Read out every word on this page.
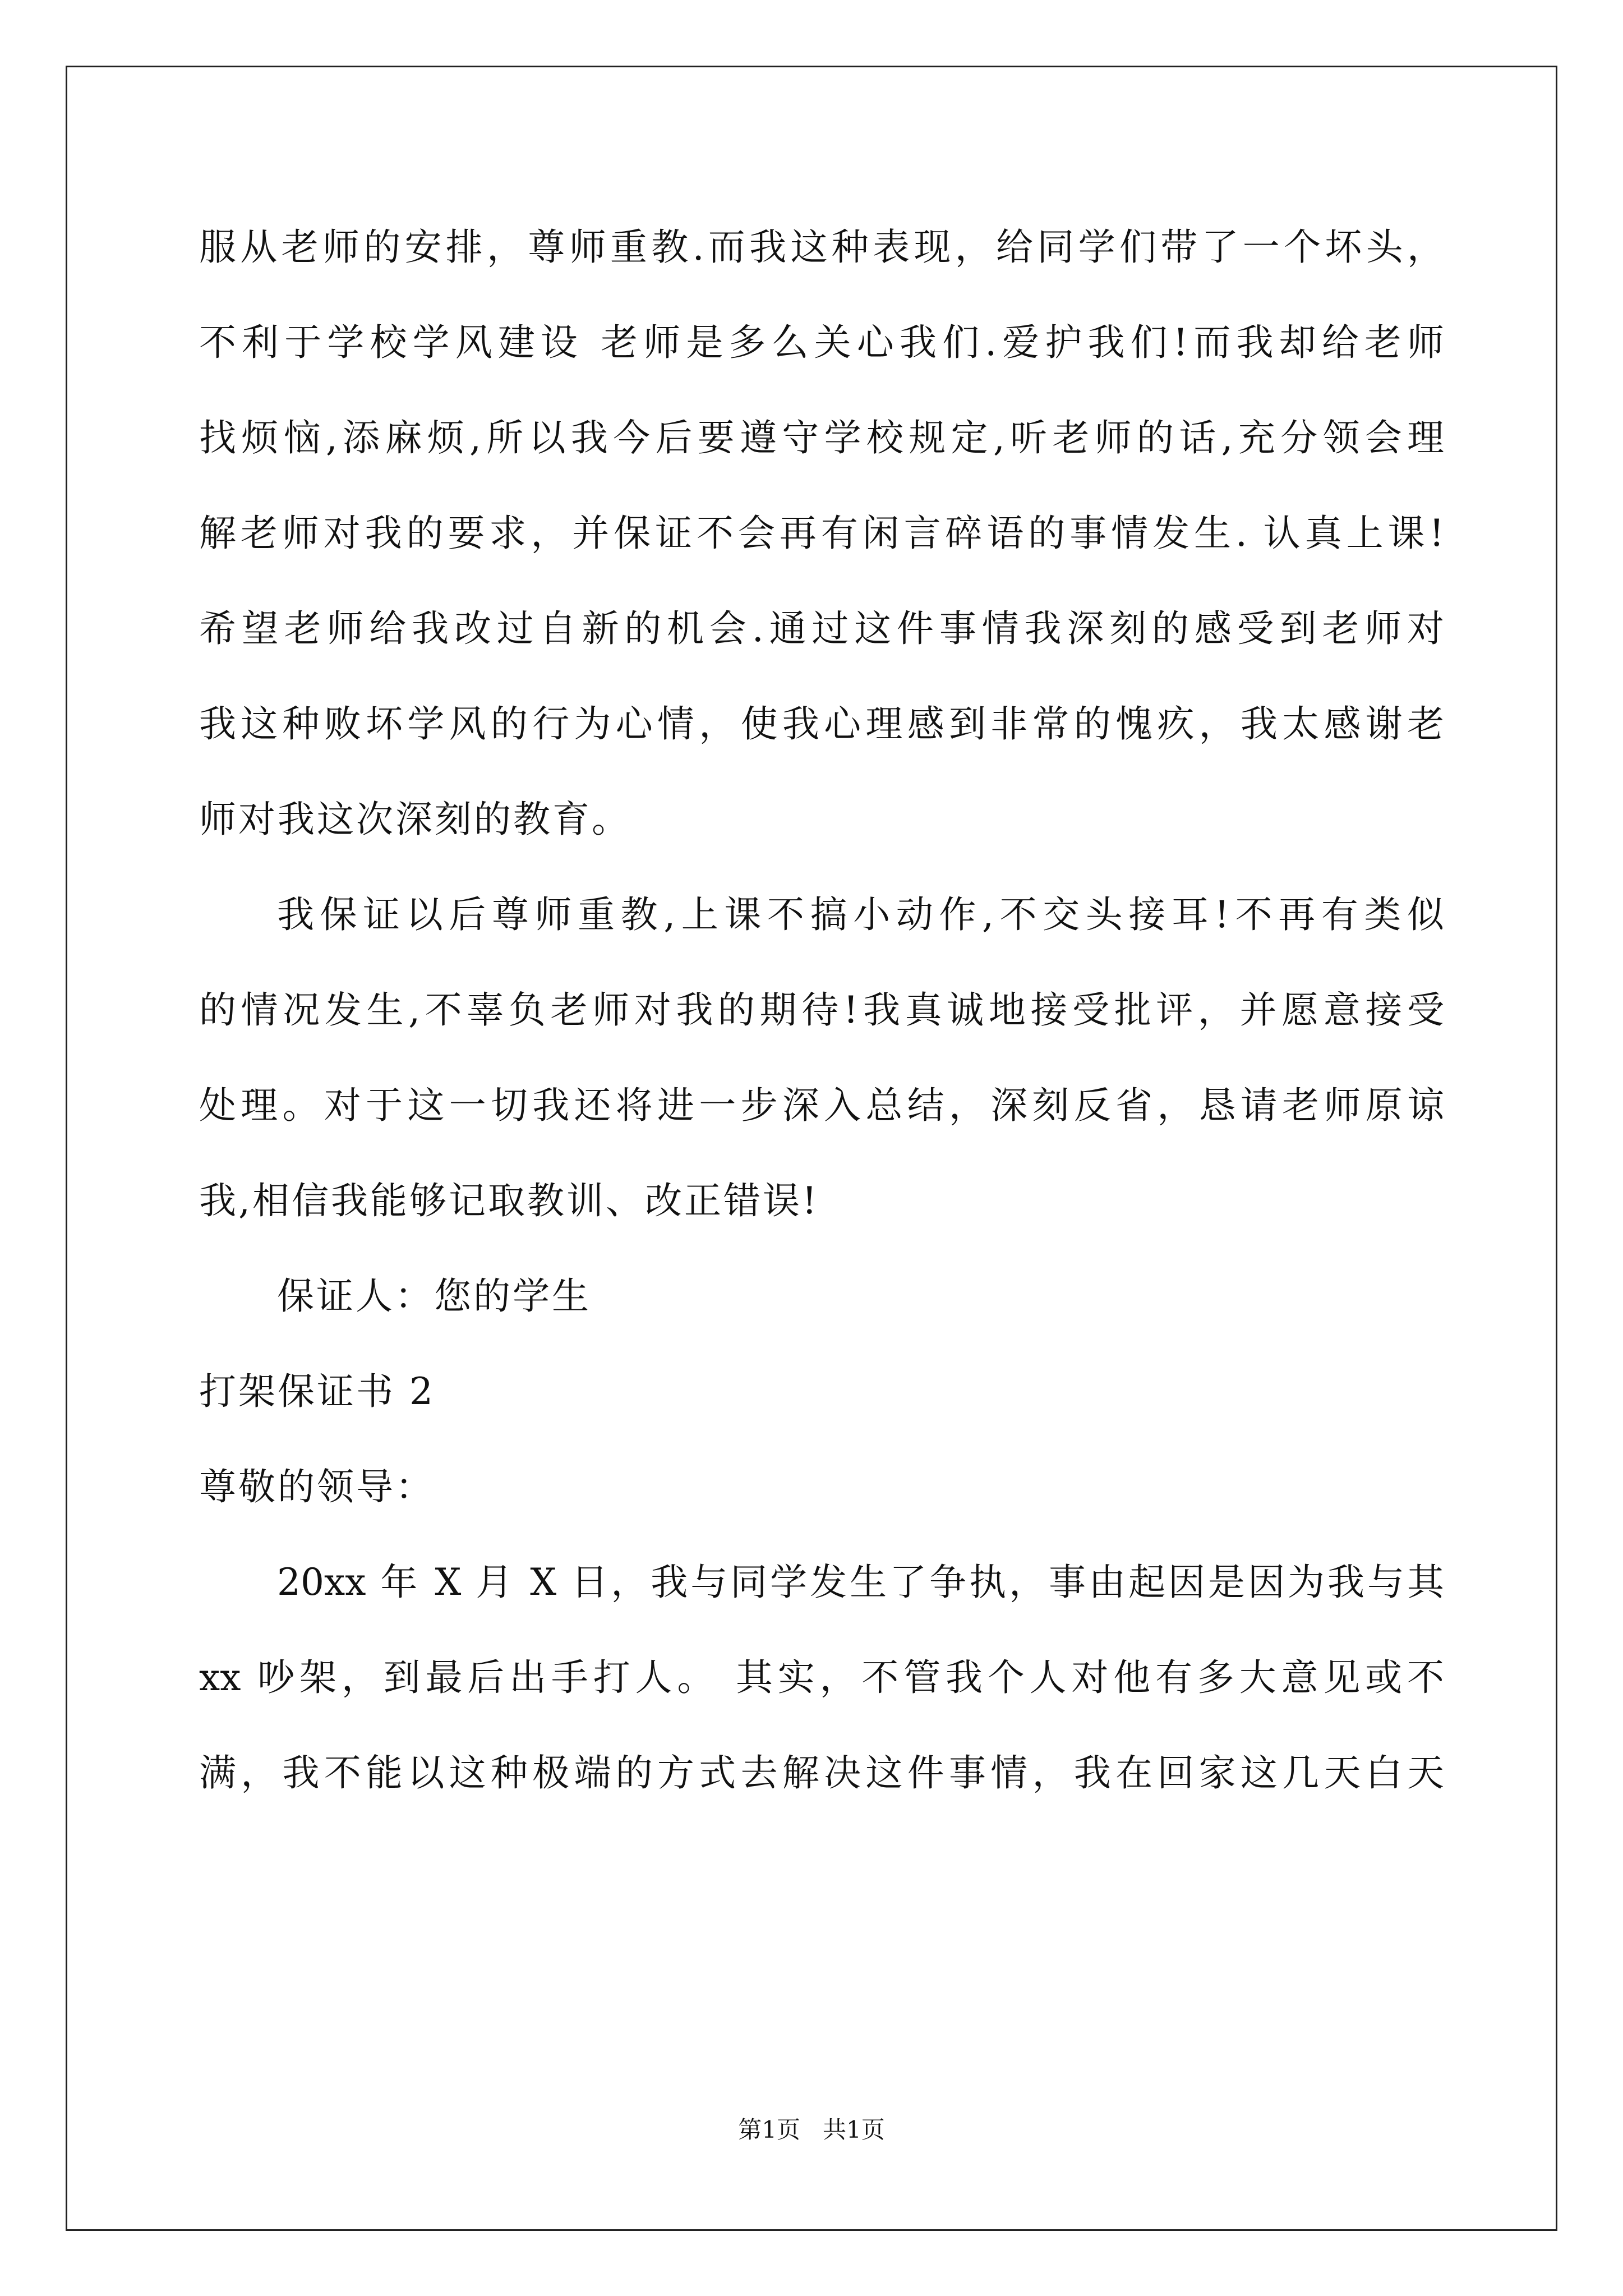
服从老师的安排，尊师重教.而我这种表现，给同学们带了一个坏头，
不利于学校学风建设 老师是多么关心我们.爱护我们!而我却给老师
找烦恼,添麻烦,所以我今后要遵守学校规定,听老师的话,充分领会理
解老师对我的要求，并保证不会再有闲言碎语的事情发生. 认真上课!
希望老师给我改过自新的机会.通过这件事情我深刻的感受到老师对
我这种败坏学风的行为心情，使我心理感到非常的愧疚，我太感谢老
师对我这次深刻的教育。
我保证以后尊师重教,上课不搞小动作,不交头接耳!不再有类似
的情况发生,不辜负老师对我的期待!我真诚地接受批评，并愿意接受
处理。对于这一切我还将进一步深入总结，深刻反省，恳请老师原谅
我,相信我能够记取教训、改正错误!
保证人：您的学生
打架保证书 2
尊敬的领导：
20xx 年 X 月 X 日，我与同学发生了争执，事由起因是因为我与其
xx 吵架，到最后出手打人。 其实，不管我个人对他有多大意见或不
满，我不能以这种极端的方式去解决这件事情，我在回家这几天白天
第1页   共1页
